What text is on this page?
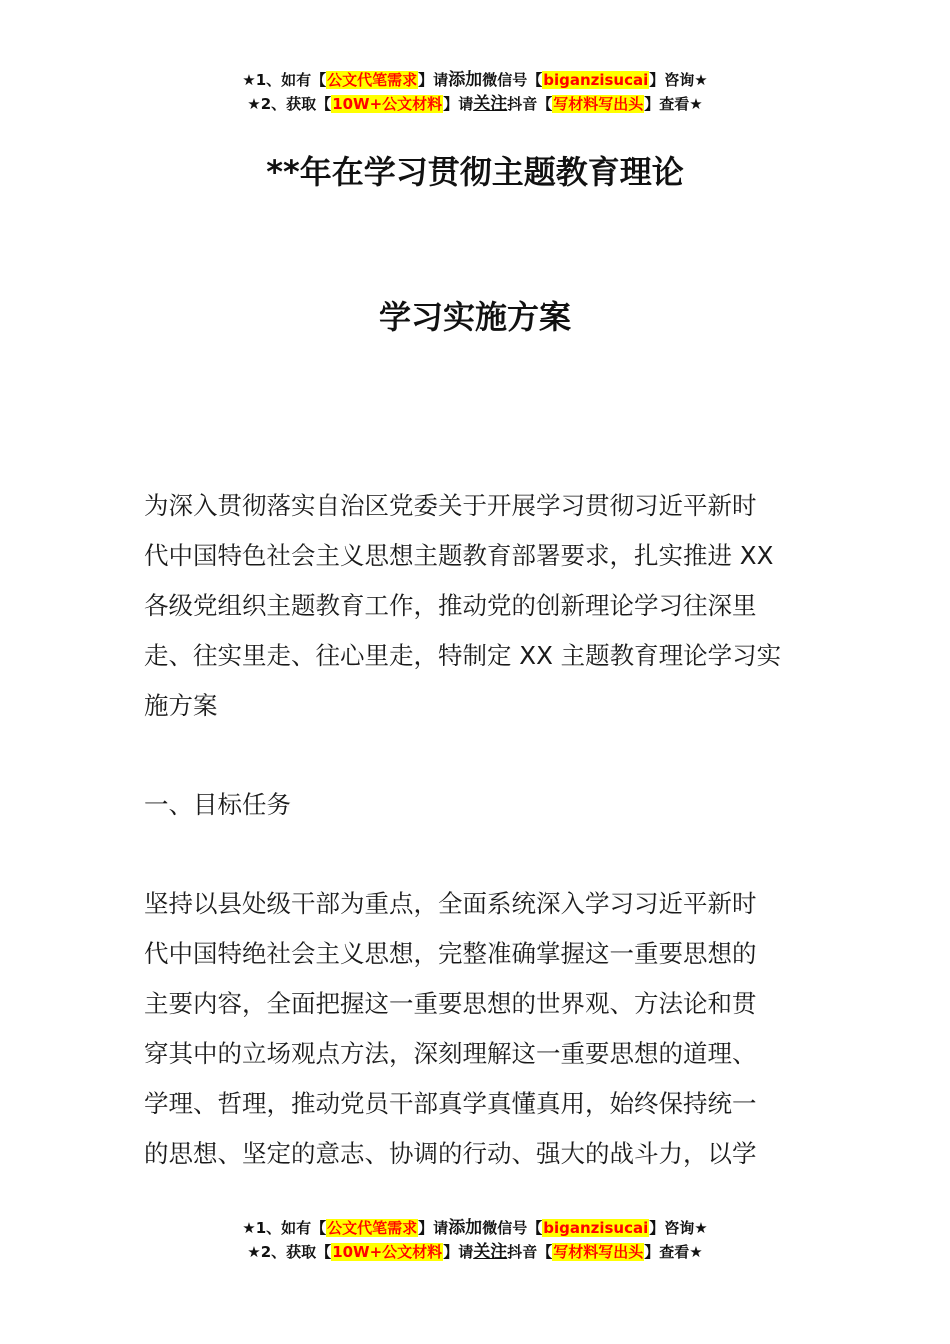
★1、如有【公文代笔需求】请添加微信号【biganzisucai】咨询★
★2、获取【10W+公文材料】请关注抖音【写材料写出头】查看★
**年在学习贯彻主题教育理论
学习实施方案
为深入贯彻落实自治区党委关于开展学习贯彻习近平新时
代中国特色社会主义思想主题教育部署要求，扎实推进 XX
各级党组织主题教育工作，推动党的创新理论学习往深里
走、往实里走、往心里走，特制定 XX 主题教育理论学习实
施方案
一、目标任务
坚持以县处级干部为重点，全面系统深入学习习近平新时
代中国特绝社会主义思想，完整准确掌握这一重要思想的
主要内容，全面把握这一重要思想的世界观、方法论和贯
穿其中的立场观点方法，深刻理解这一重要思想的道理、
学理、哲理，推动党员干部真学真懂真用，始终保持统一
的思想、坚定的意志、协调的行动、强大的战斗力，以学
★1、如有【公文代笔需求】请添加微信号【biganzisucai】咨询★
★2、获取【10W+公文材料】请关注抖音【写材料写出头】查看★
